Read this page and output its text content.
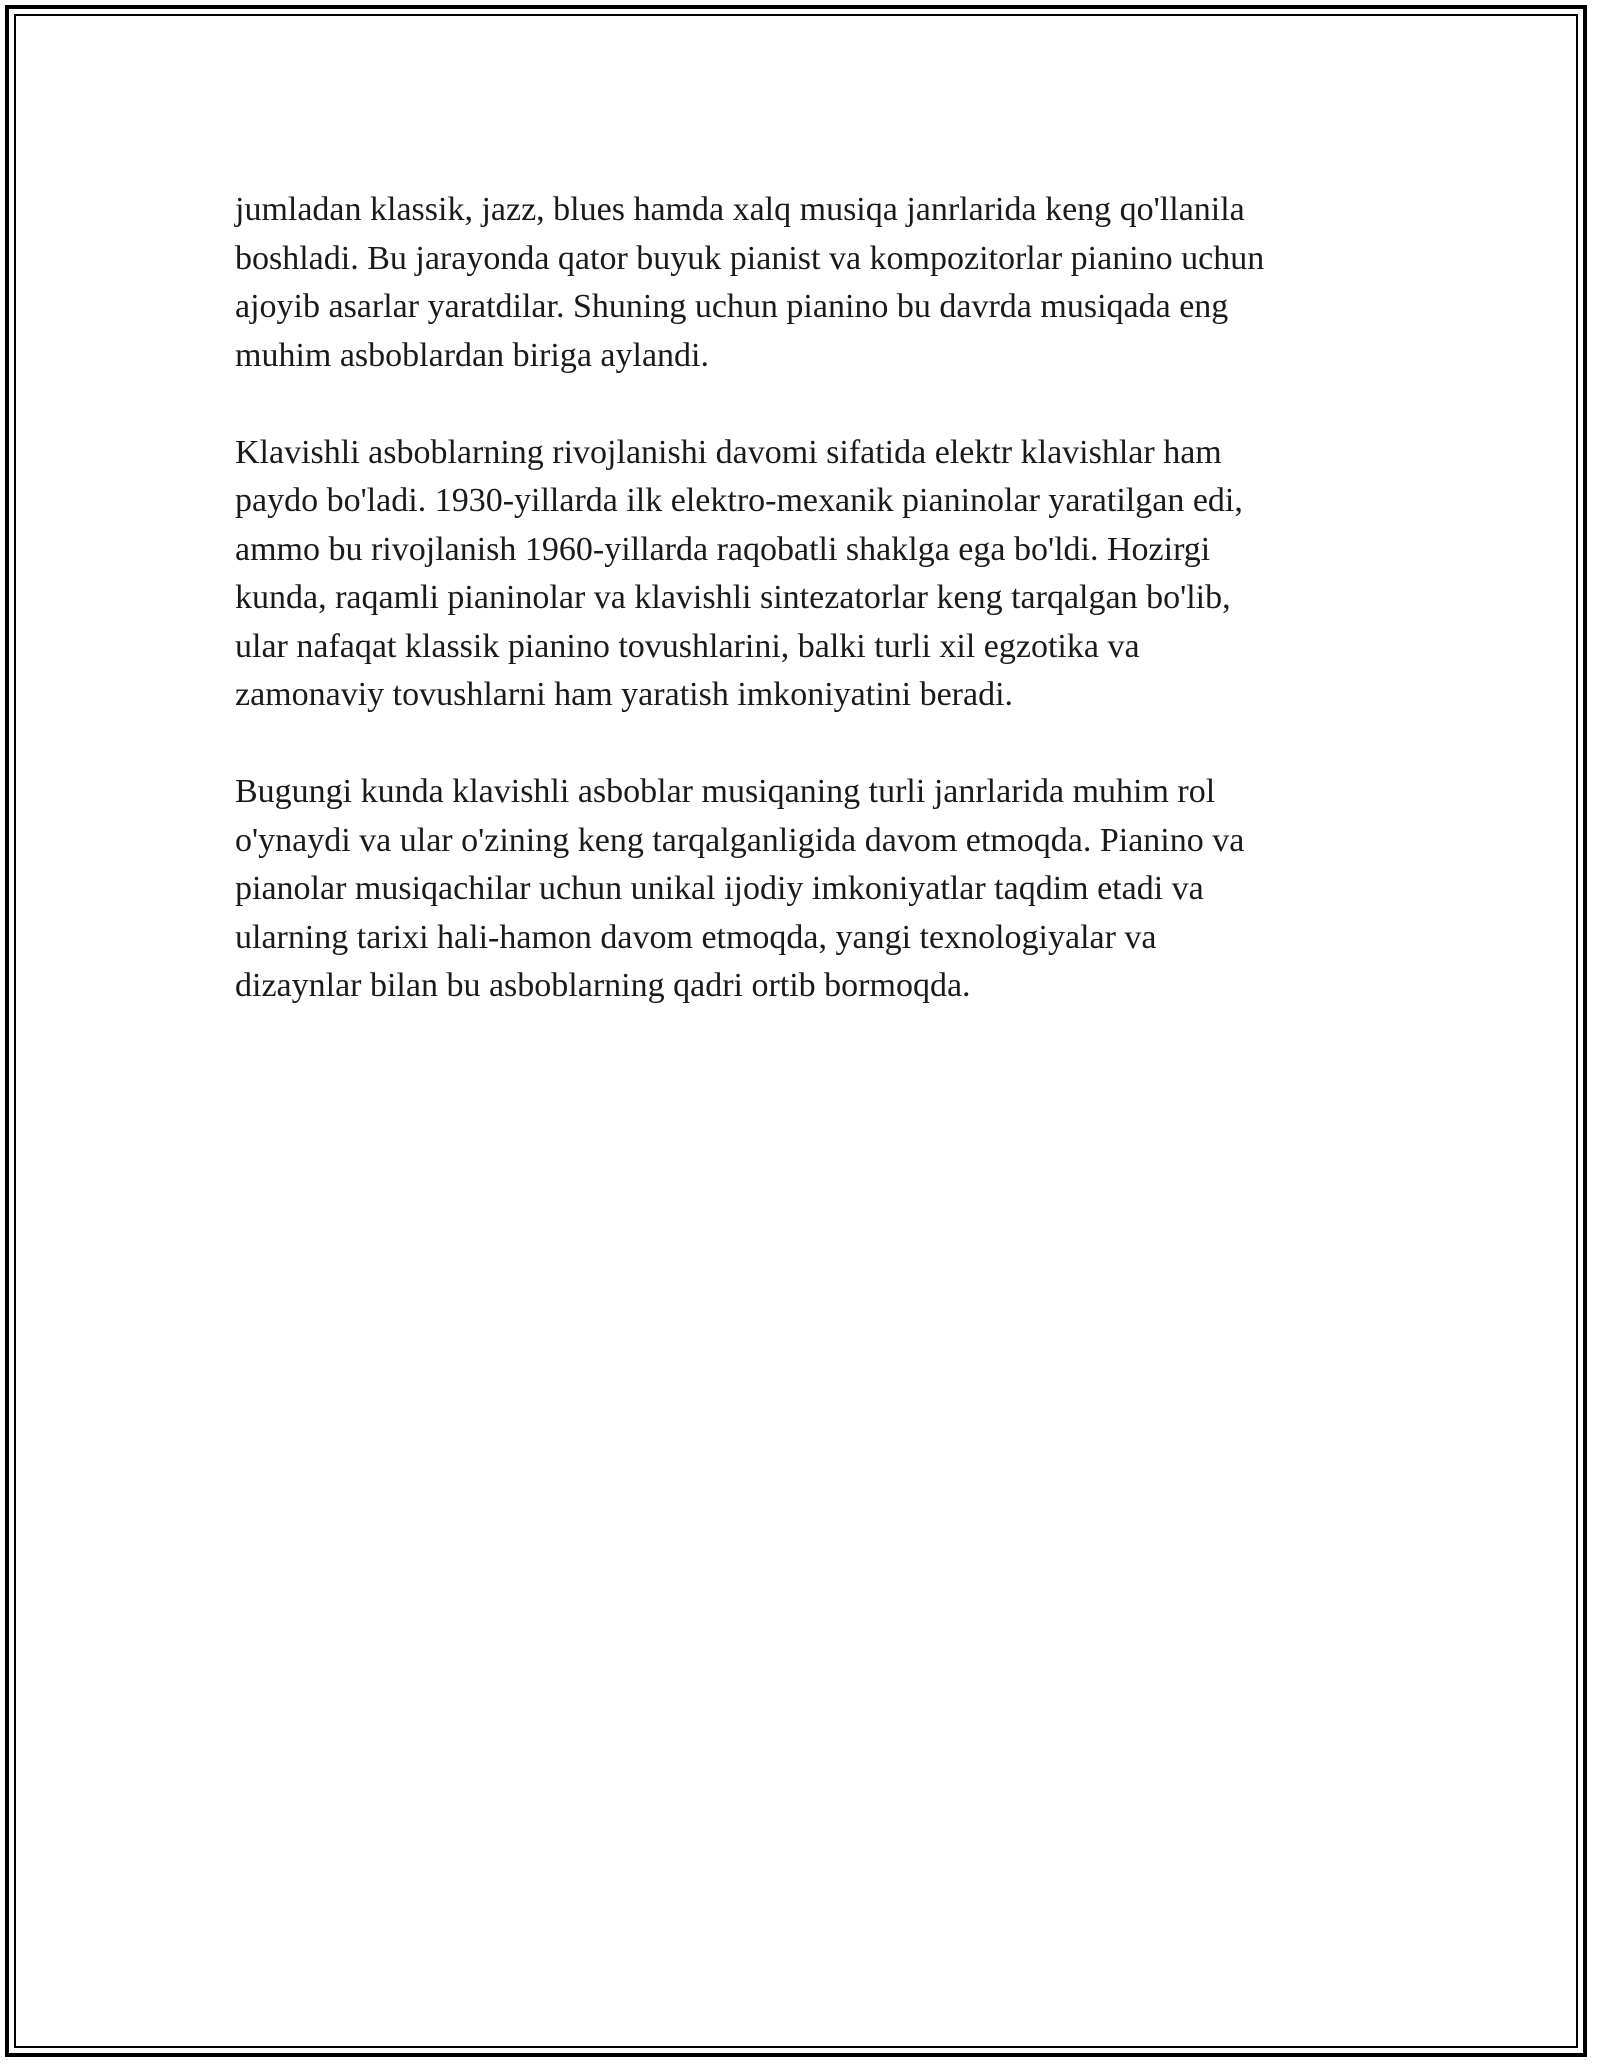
jumladan klassik, jazz, blues hamda xalq musiqa janrlarida keng qo'llanila
boshladi. Bu jarayonda qator buyuk pianist va kompozitorlar pianino uchun
ajoyib asarlar yaratdilar. Shuning uchun pianino bu davrda musiqada eng
muhim asboblardan biriga aylandi.

Klavishli asboblarning rivojlanishi davomi sifatida elektr klavishlar ham
paydo bo'ladi. 1930-yillarda ilk elektro-mexanik pianinolar yaratilgan edi,
ammo bu rivojlanish 1960-yillarda raqobatli shaklga ega bo'ldi. Hozirgi
kunda, raqamli pianinolar va klavishli sintezatorlar keng tarqalgan bo'lib,
ular nafaqat klassik pianino tovushlarini, balki turli xil egzotika va
zamonaviy tovushlarni ham yaratish imkoniyatini beradi.

Bugungi kunda klavishli asboblar musiqaning turli janrlarida muhim rol
o'ynaydi va ular o'zining keng tarqalganligida davom etmoqda. Pianino va
pianolar musiqachilar uchun unikal ijodiy imkoniyatlar taqdim etadi va
ularning tarixi hali-hamon davom etmoqda, yangi texnologiyalar va
dizaynlar bilan bu asboblarning qadri ortib bormoqda.
